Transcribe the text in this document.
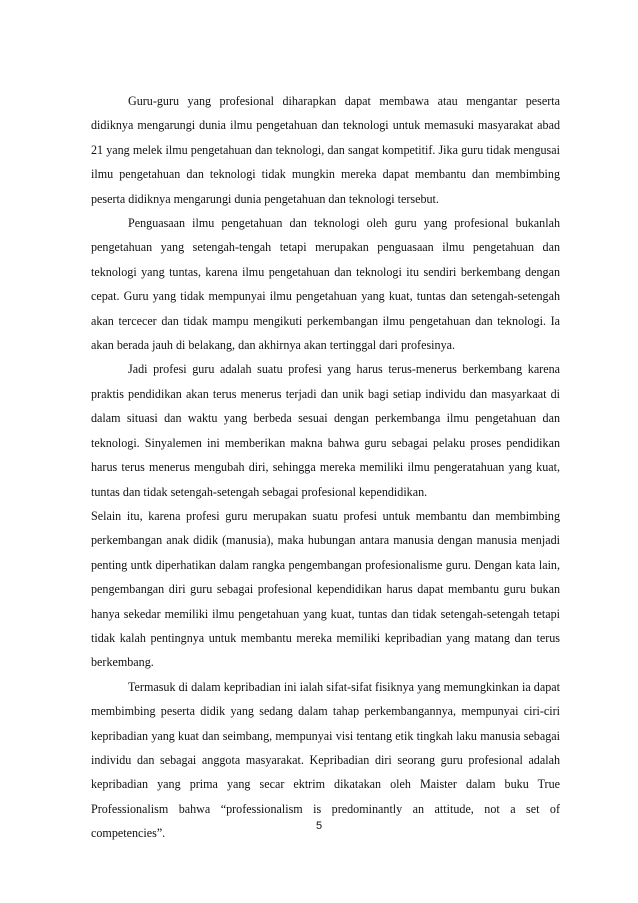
Guru-guru yang profesional diharapkan dapat membawa atau mengantar peserta didiknya mengarungi dunia ilmu pengetahuan dan teknologi untuk memasuki masyarakat abad 21 yang melek ilmu pengetahuan dan teknologi, dan sangat kompetitif. Jika guru tidak mengusai ilmu pengetahuan dan teknologi tidak mungkin mereka dapat membantu dan membimbing peserta didiknya mengarungi dunia pengetahuan dan teknologi tersebut.

Penguasaan ilmu pengetahuan dan teknologi oleh guru yang profesional bukanlah pengetahuan yang setengah-tengah tetapi merupakan penguasaan ilmu pengetahuan dan teknologi yang tuntas, karena ilmu pengetahuan dan teknologi itu sendiri berkembang dengan cepat. Guru yang tidak mempunyai ilmu pengetahuan yang kuat, tuntas dan setengah-setengah akan tercecer dan tidak mampu mengikuti perkembangan ilmu pengetahuan dan teknologi. Ia akan berada jauh di belakang, dan akhirnya akan tertinggal dari profesinya.

Jadi profesi guru adalah suatu profesi yang harus terus-menerus berkembang karena praktis pendidikan akan terus menerus terjadi dan unik bagi setiap individu dan masyarkaat di dalam situasi dan waktu yang berbeda sesuai dengan perkembanga ilmu pengetahuan dan teknologi. Sinyalemen ini memberikan makna bahwa guru sebagai pelaku proses pendidikan harus terus menerus mengubah diri, sehingga mereka memiliki ilmu pengeratahuan yang kuat, tuntas dan tidak setengah-setengah sebagai profesional kependidikan.

Selain itu, karena profesi guru merupakan suatu profesi untuk membantu dan membimbing perkembangan anak didik (manusia), maka hubungan antara manusia dengan manusia menjadi penting untk diperhatikan dalam rangka pengembangan profesionalisme guru. Dengan kata lain, pengembangan diri guru sebagai profesional kependidikan harus dapat membantu guru bukan hanya sekedar memiliki ilmu pengetahuan yang kuat, tuntas dan tidak setengah-setengah tetapi tidak kalah pentingnya untuk membantu mereka memiliki kepribadian yang matang dan terus berkembang.

Termasuk di dalam kepribadian ini ialah sifat-sifat fisiknya yang memungkinkan ia dapat membimbing peserta didik yang sedang dalam tahap perkembangannya, mempunyai ciri-ciri kepribadian yang kuat dan seimbang, mempunyai visi tentang etik tingkah laku manusia sebagai individu dan sebagai anggota masyarakat. Kepribadian diri seorang guru profesional adalah kepribadian yang prima yang secar ektrim dikatakan oleh Maister dalam buku True Professionalism bahwa “professionalism is predominantly an attitude, not a set of competencies”.

5
